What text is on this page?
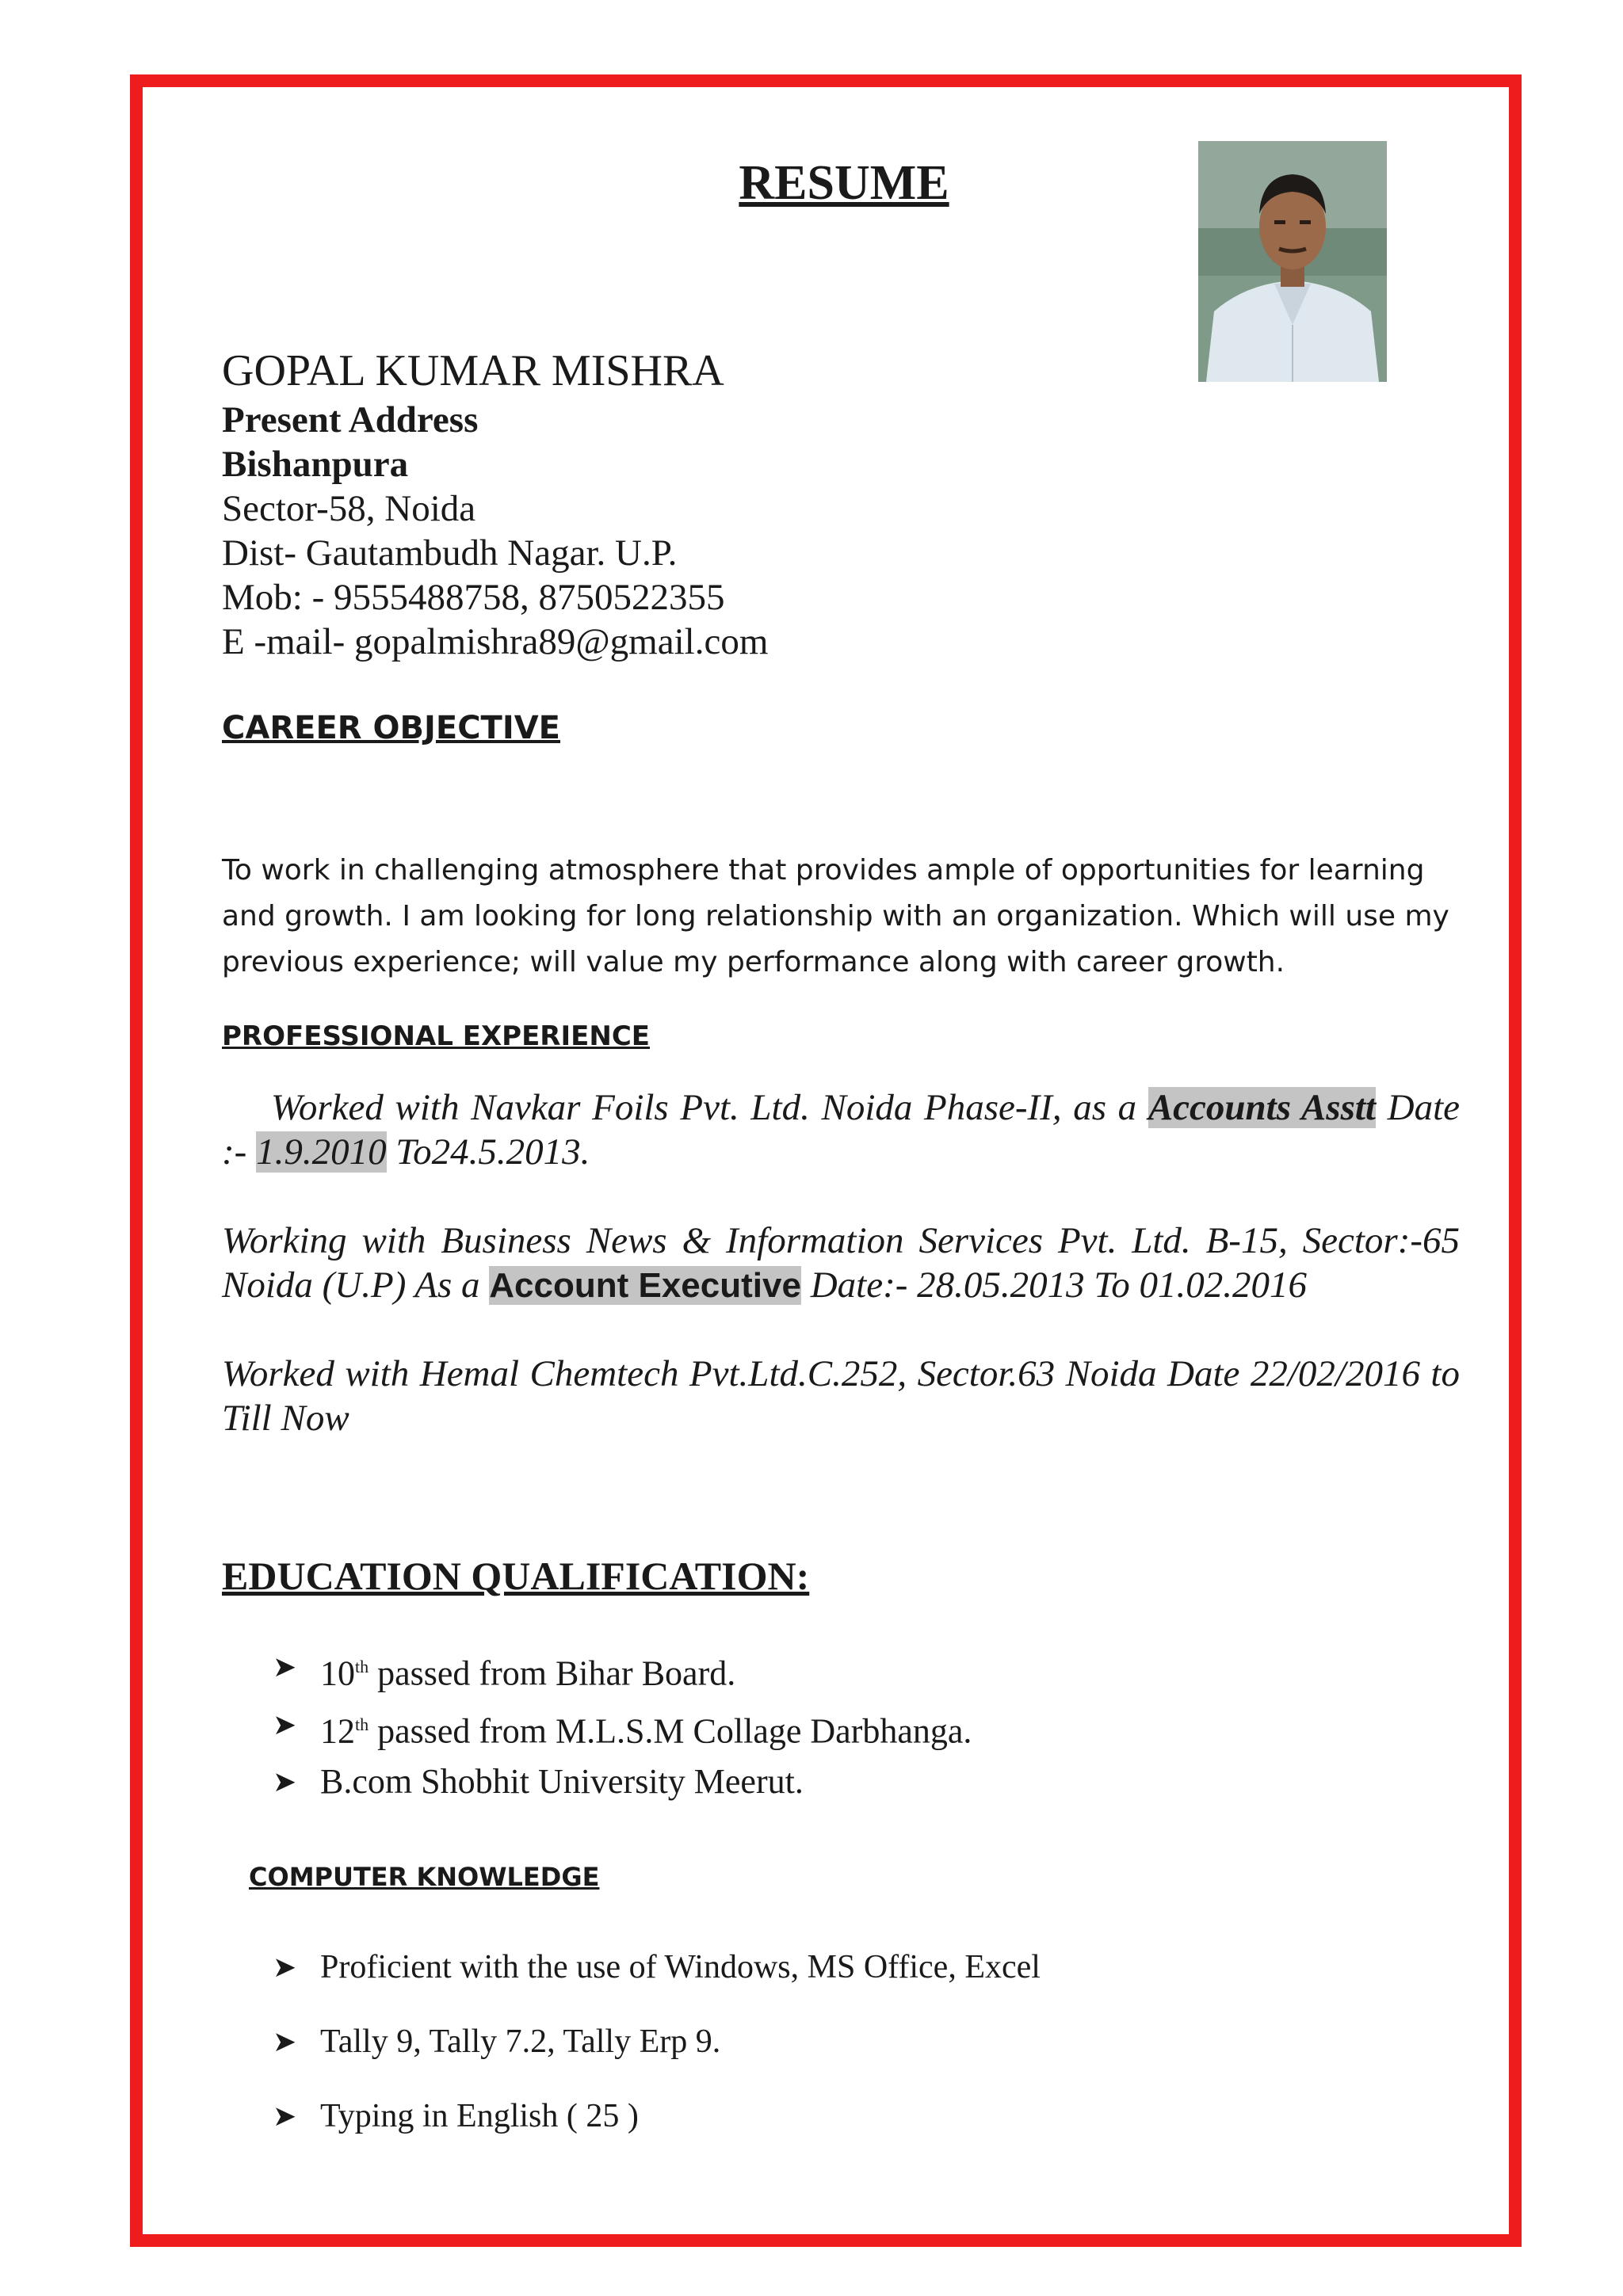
RESUME
GOPAL KUMAR MISHRA
Present Address
Bishanpura
Sector-58, Noida
Dist- Gautambudh Nagar. U.P.
Mob: - 9555488758, 8750522355
E -mail- gopalmishra89@gmail.com
CAREER OBJECTIVE

To work in challenging atmosphere that provides ample of opportunities for learning and growth. I am looking for long relationship with an organization. Which will use my previous experience; will value my performance along with career growth.

PROFESSIONAL EXPERIENCE

Worked with Navkar Foils Pvt. Ltd. Noida Phase-II, as a Accounts Asstt Date :- 1.9.2010 To24.5.2013.

Working with Business News & Information Services Pvt. Ltd. B-15, Sector:-65 Noida (U.P) As a Account Executive Date:- 28.05.2013 To 01.02.2016

Worked with Hemal Chemtech Pvt.Ltd.C.252, Sector.63 Noida Date 22/02/2016 to Till Now

EDUCATION QUALIFICATION:
➤ 10th passed from Bihar Board.
➤ 12th passed from M.L.S.M Collage Darbhanga.
➤ B.com Shobhit University Meerut.
COMPUTER KNOWLEDGE
➤ Proficient with the use of Windows, MS Office, Excel
➤ Tally 9, Tally 7.2, Tally Erp 9.
➤ Typing in English ( 25 )
